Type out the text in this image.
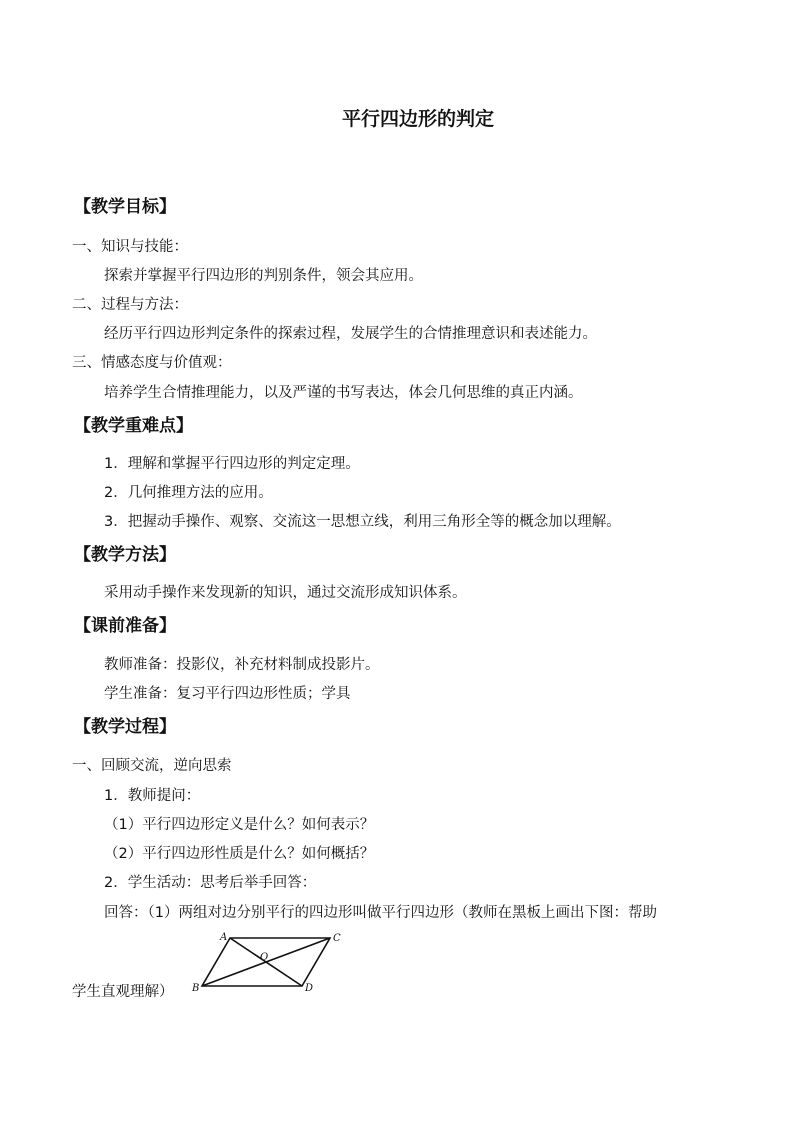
平行四边形的判定
【教学目标】
一、知识与技能：
探索并掌握平行四边形的判别条件，领会其应用。
二、过程与方法：
经历平行四边形判定条件的探索过程，发展学生的合情推理意识和表述能力。
三、情感态度与价值观：
培养学生合情推理能力，以及严谨的书写表达，体会几何思维的真正内涵。
【教学重难点】
1．理解和掌握平行四边形的判定定理。
2．几何推理方法的应用。
3．把握动手操作、观察、交流这一思想立线，利用三角形全等的概念加以理解。
【教学方法】
采用动手操作来发现新的知识，通过交流形成知识体系。
【课前准备】
教师准备：投影仪，补充材料制成投影片。
学生准备：复习平行四边形性质；学具
【教学过程】
一、回顾交流，逆向思索
1．教师提问：
（1）平行四边形定义是什么？如何表示？
（2）平行四边形性质是什么？如何概括？
2．学生活动：思考后举手回答：
回答：（1）两组对边分别平行的四边形叫做平行四边形（教师在黑板上画出下图：帮助
学生直观理解）
A	C
B	D
O
